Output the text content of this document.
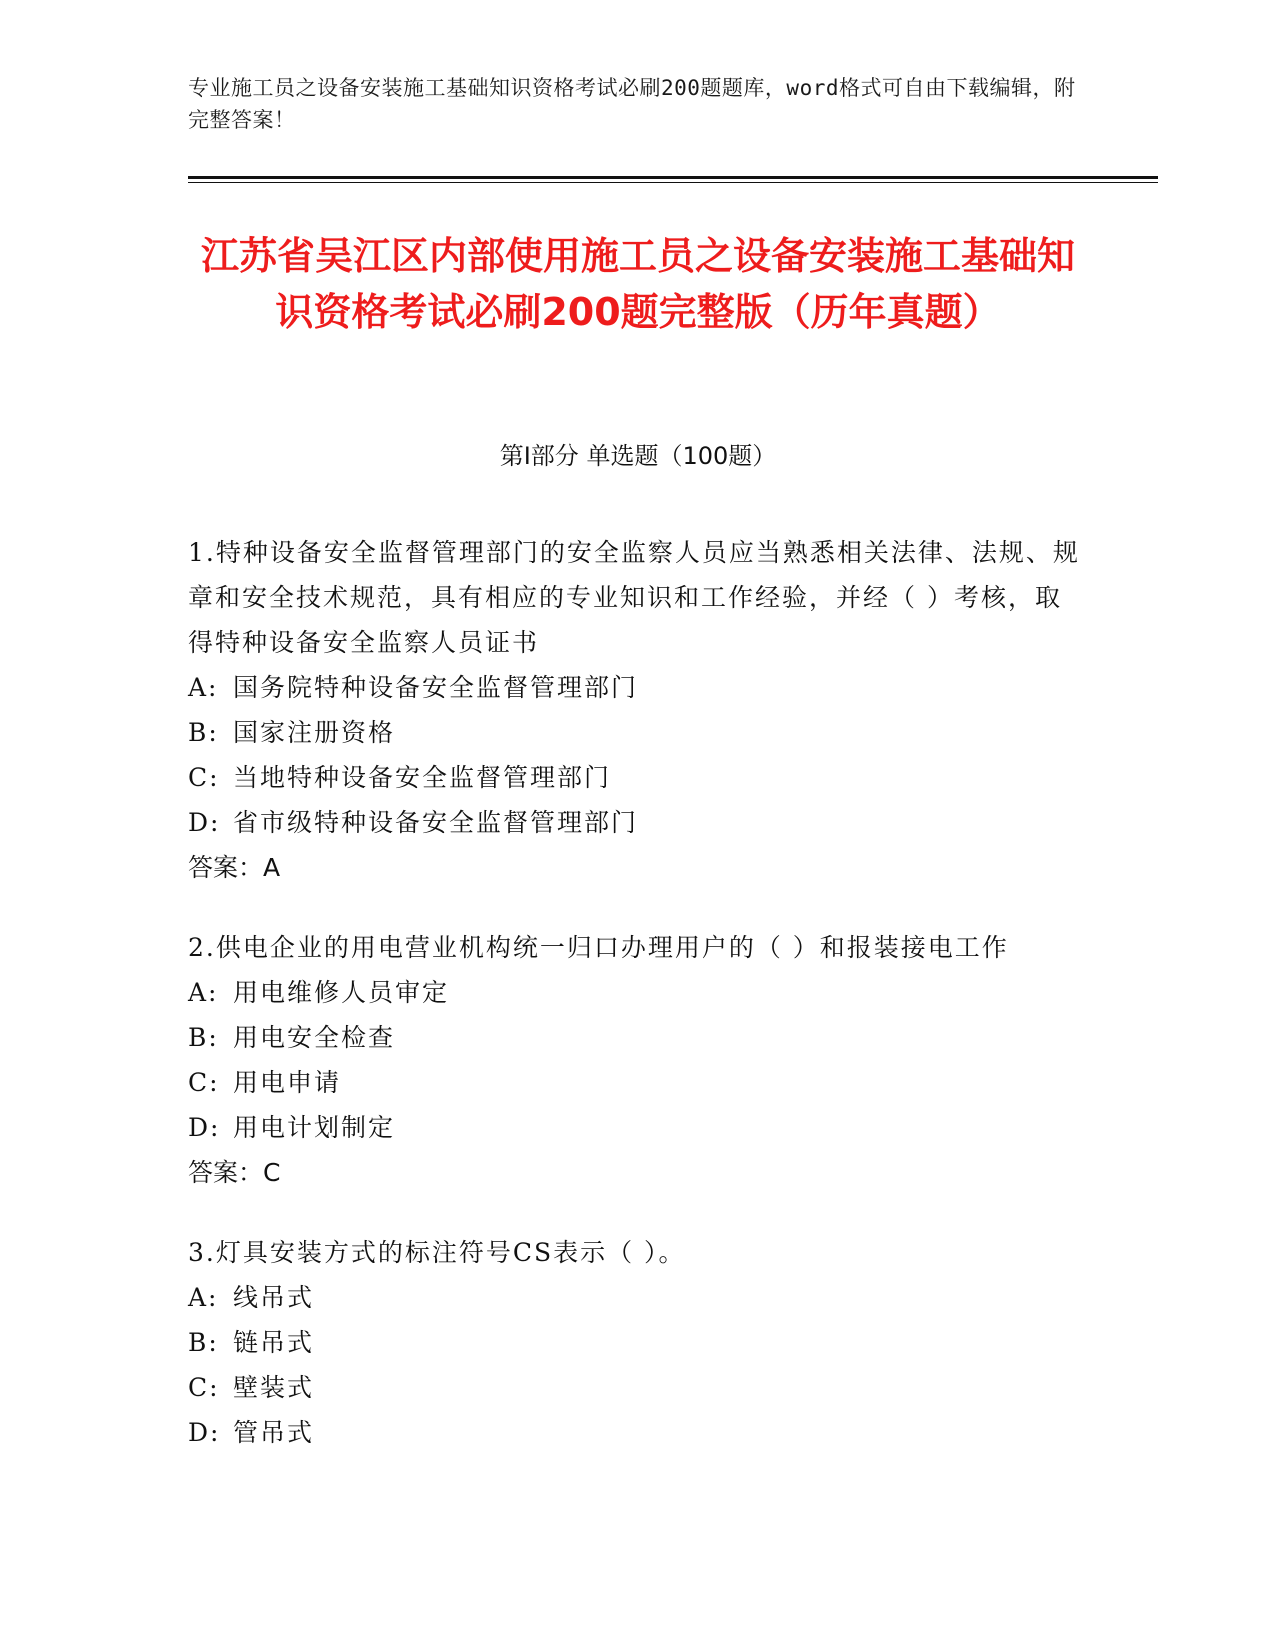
专业施工员之设备安装施工基础知识资格考试必刷200题题库，word格式可自由下载编辑，附完整答案！
江苏省吴江区内部使用施工员之设备安装施工基础知识资格考试必刷200题完整版（历年真题）
第Ⅰ部分 单选题（100题）
1.特种设备安全监督管理部门的安全监察人员应当熟悉相关法律、法规、规章和安全技术规范，具有相应的专业知识和工作经验，并经（ ）考核，取得特种设备安全监察人员证书
A: 国务院特种设备安全监督管理部门
B: 国家注册资格
C: 当地特种设备安全监督管理部门
D: 省市级特种设备安全监督管理部门
答案：A
2.供电企业的用电营业机构统一归口办理用户的（ ）和报装接电工作
A: 用电维修人员审定
B: 用电安全检查
C: 用电申请
D: 用电计划制定
答案：C
3.灯具安装方式的标注符号CS表示（ ）。
A: 线吊式
B: 链吊式
C: 壁装式
D: 管吊式
